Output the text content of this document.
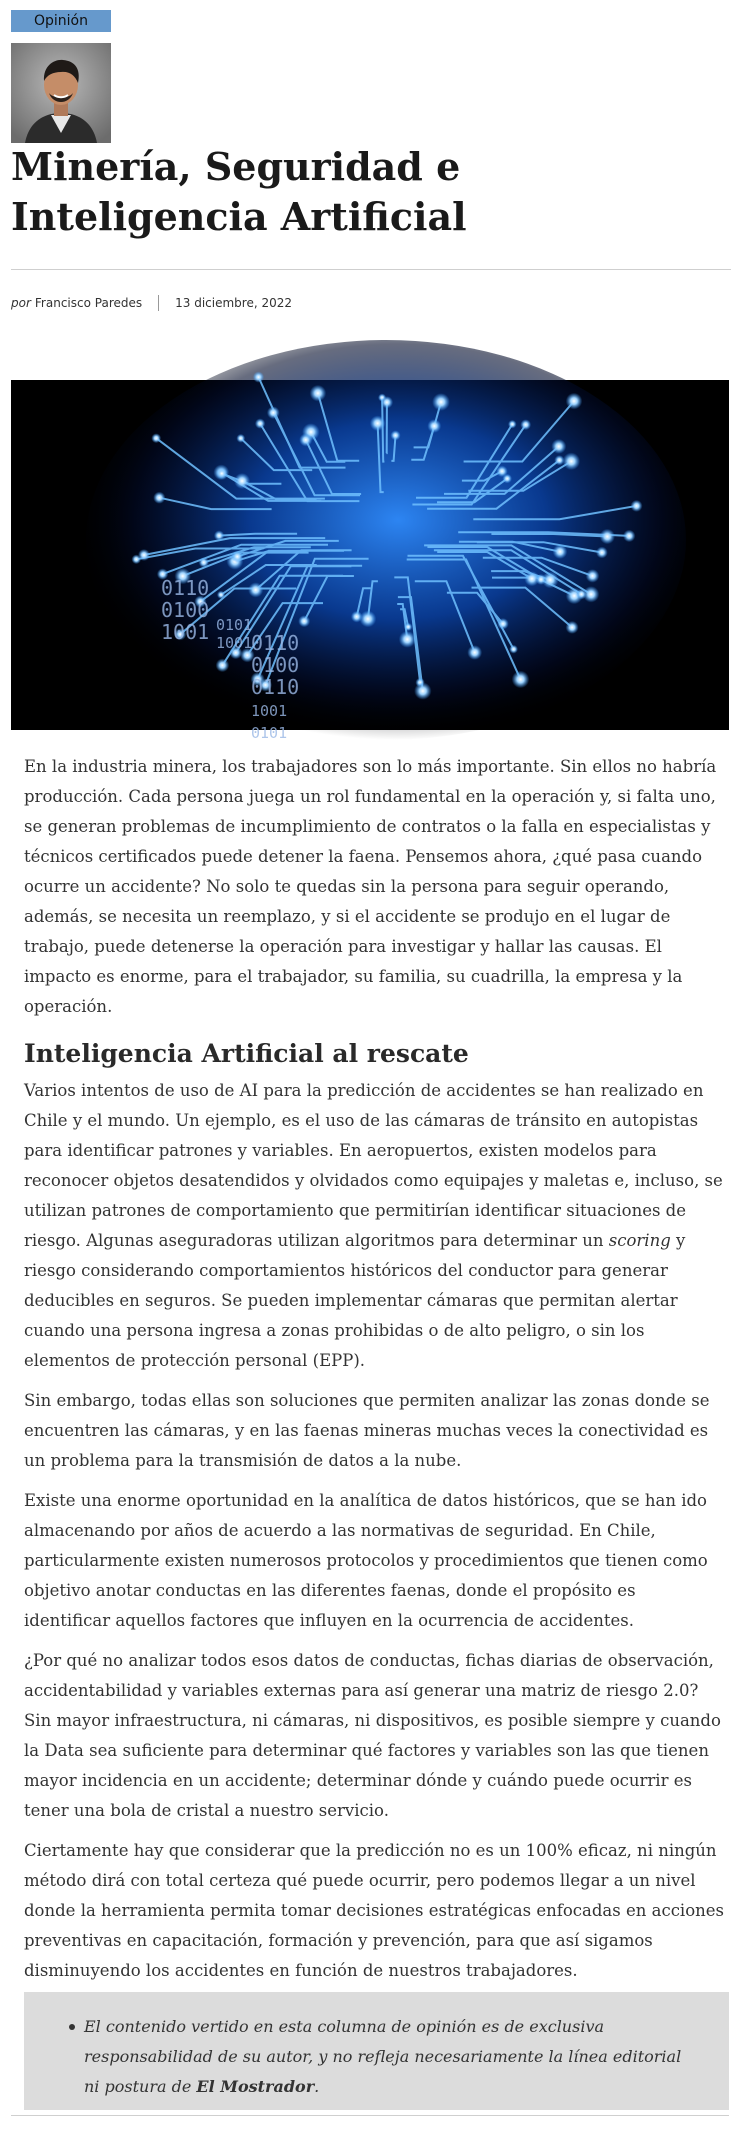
Opinión
Minería, Seguridad e Inteligencia Artificial
por Francisco Paredes	13 diciembre, 2022
0110
0100
1001 0101
1001
0110
0100
0110
1001
0101

En la industria minera, los trabajadores son lo más importante. Sin ellos no habría producción. Cada persona juega un rol fundamental en la operación y, si falta uno, se generan problemas de incumplimiento de contratos o la falla en especialistas y técnicos certificados puede detener la faena. Pensemos ahora, ¿qué pasa cuando ocurre un accidente? No solo te quedas sin la persona para seguir operando, además, se necesita un reemplazo, y si el accidente se produjo en el lugar de trabajo, puede detenerse la operación para investigar y hallar las causas. El impacto es enorme, para el trabajador, su familia, su cuadrilla, la empresa y la operación.

Inteligencia Artificial al rescate

Varios intentos de uso de AI para la predicción de accidentes se han realizado en Chile y el mundo. Un ejemplo, es el uso de las cámaras de tránsito en autopistas para identificar patrones y variables. En aeropuertos, existen modelos para reconocer objetos desatendidos y olvidados como equipajes y maletas e, incluso, se utilizan patrones de comportamiento que permitirían identificar situaciones de riesgo. Algunas aseguradoras utilizan algoritmos para determinar un scoring y riesgo considerando comportamientos históricos del conductor para generar deducibles en seguros. Se pueden implementar cámaras que permitan alertar cuando una persona ingresa a zonas prohibidas o de alto peligro, o sin los elementos de protección personal (EPP).

Sin embargo, todas ellas son soluciones que permiten analizar las zonas donde se encuentren las cámaras, y en las faenas mineras muchas veces la conectividad es un problema para la transmisión de datos a la nube.

Existe una enorme oportunidad en la analítica de datos históricos, que se han ido almacenando por años de acuerdo a las normativas de seguridad. En Chile, particularmente existen numerosos protocolos y procedimientos que tienen como objetivo anotar conductas en las diferentes faenas, donde el propósito es identificar aquellos factores que influyen en la ocurrencia de accidentes.

¿Por qué no analizar todos esos datos de conductas, fichas diarias de observación, accidentabilidad y variables externas para así generar una matriz de riesgo 2.0? Sin mayor infraestructura, ni cámaras, ni dispositivos, es posible siempre y cuando la Data sea suficiente para determinar qué factores y variables son las que tienen mayor incidencia en un accidente; determinar dónde y cuándo puede ocurrir es tener una bola de cristal a nuestro servicio.

Ciertamente hay que considerar que la predicción no es un 100% eficaz, ni ningún método dirá con total certeza qué puede ocurrir, pero podemos llegar a un nivel donde la herramienta permita tomar decisiones estratégicas enfocadas en acciones preventivas en capacitación, formación y prevención, para que así sigamos disminuyendo los accidentes en función de nuestros trabajadores.

El contenido vertido en esta columna de opinión es de exclusiva responsabilidad de su autor, y no refleja necesariamente la línea editorial ni postura de El Mostrador.
